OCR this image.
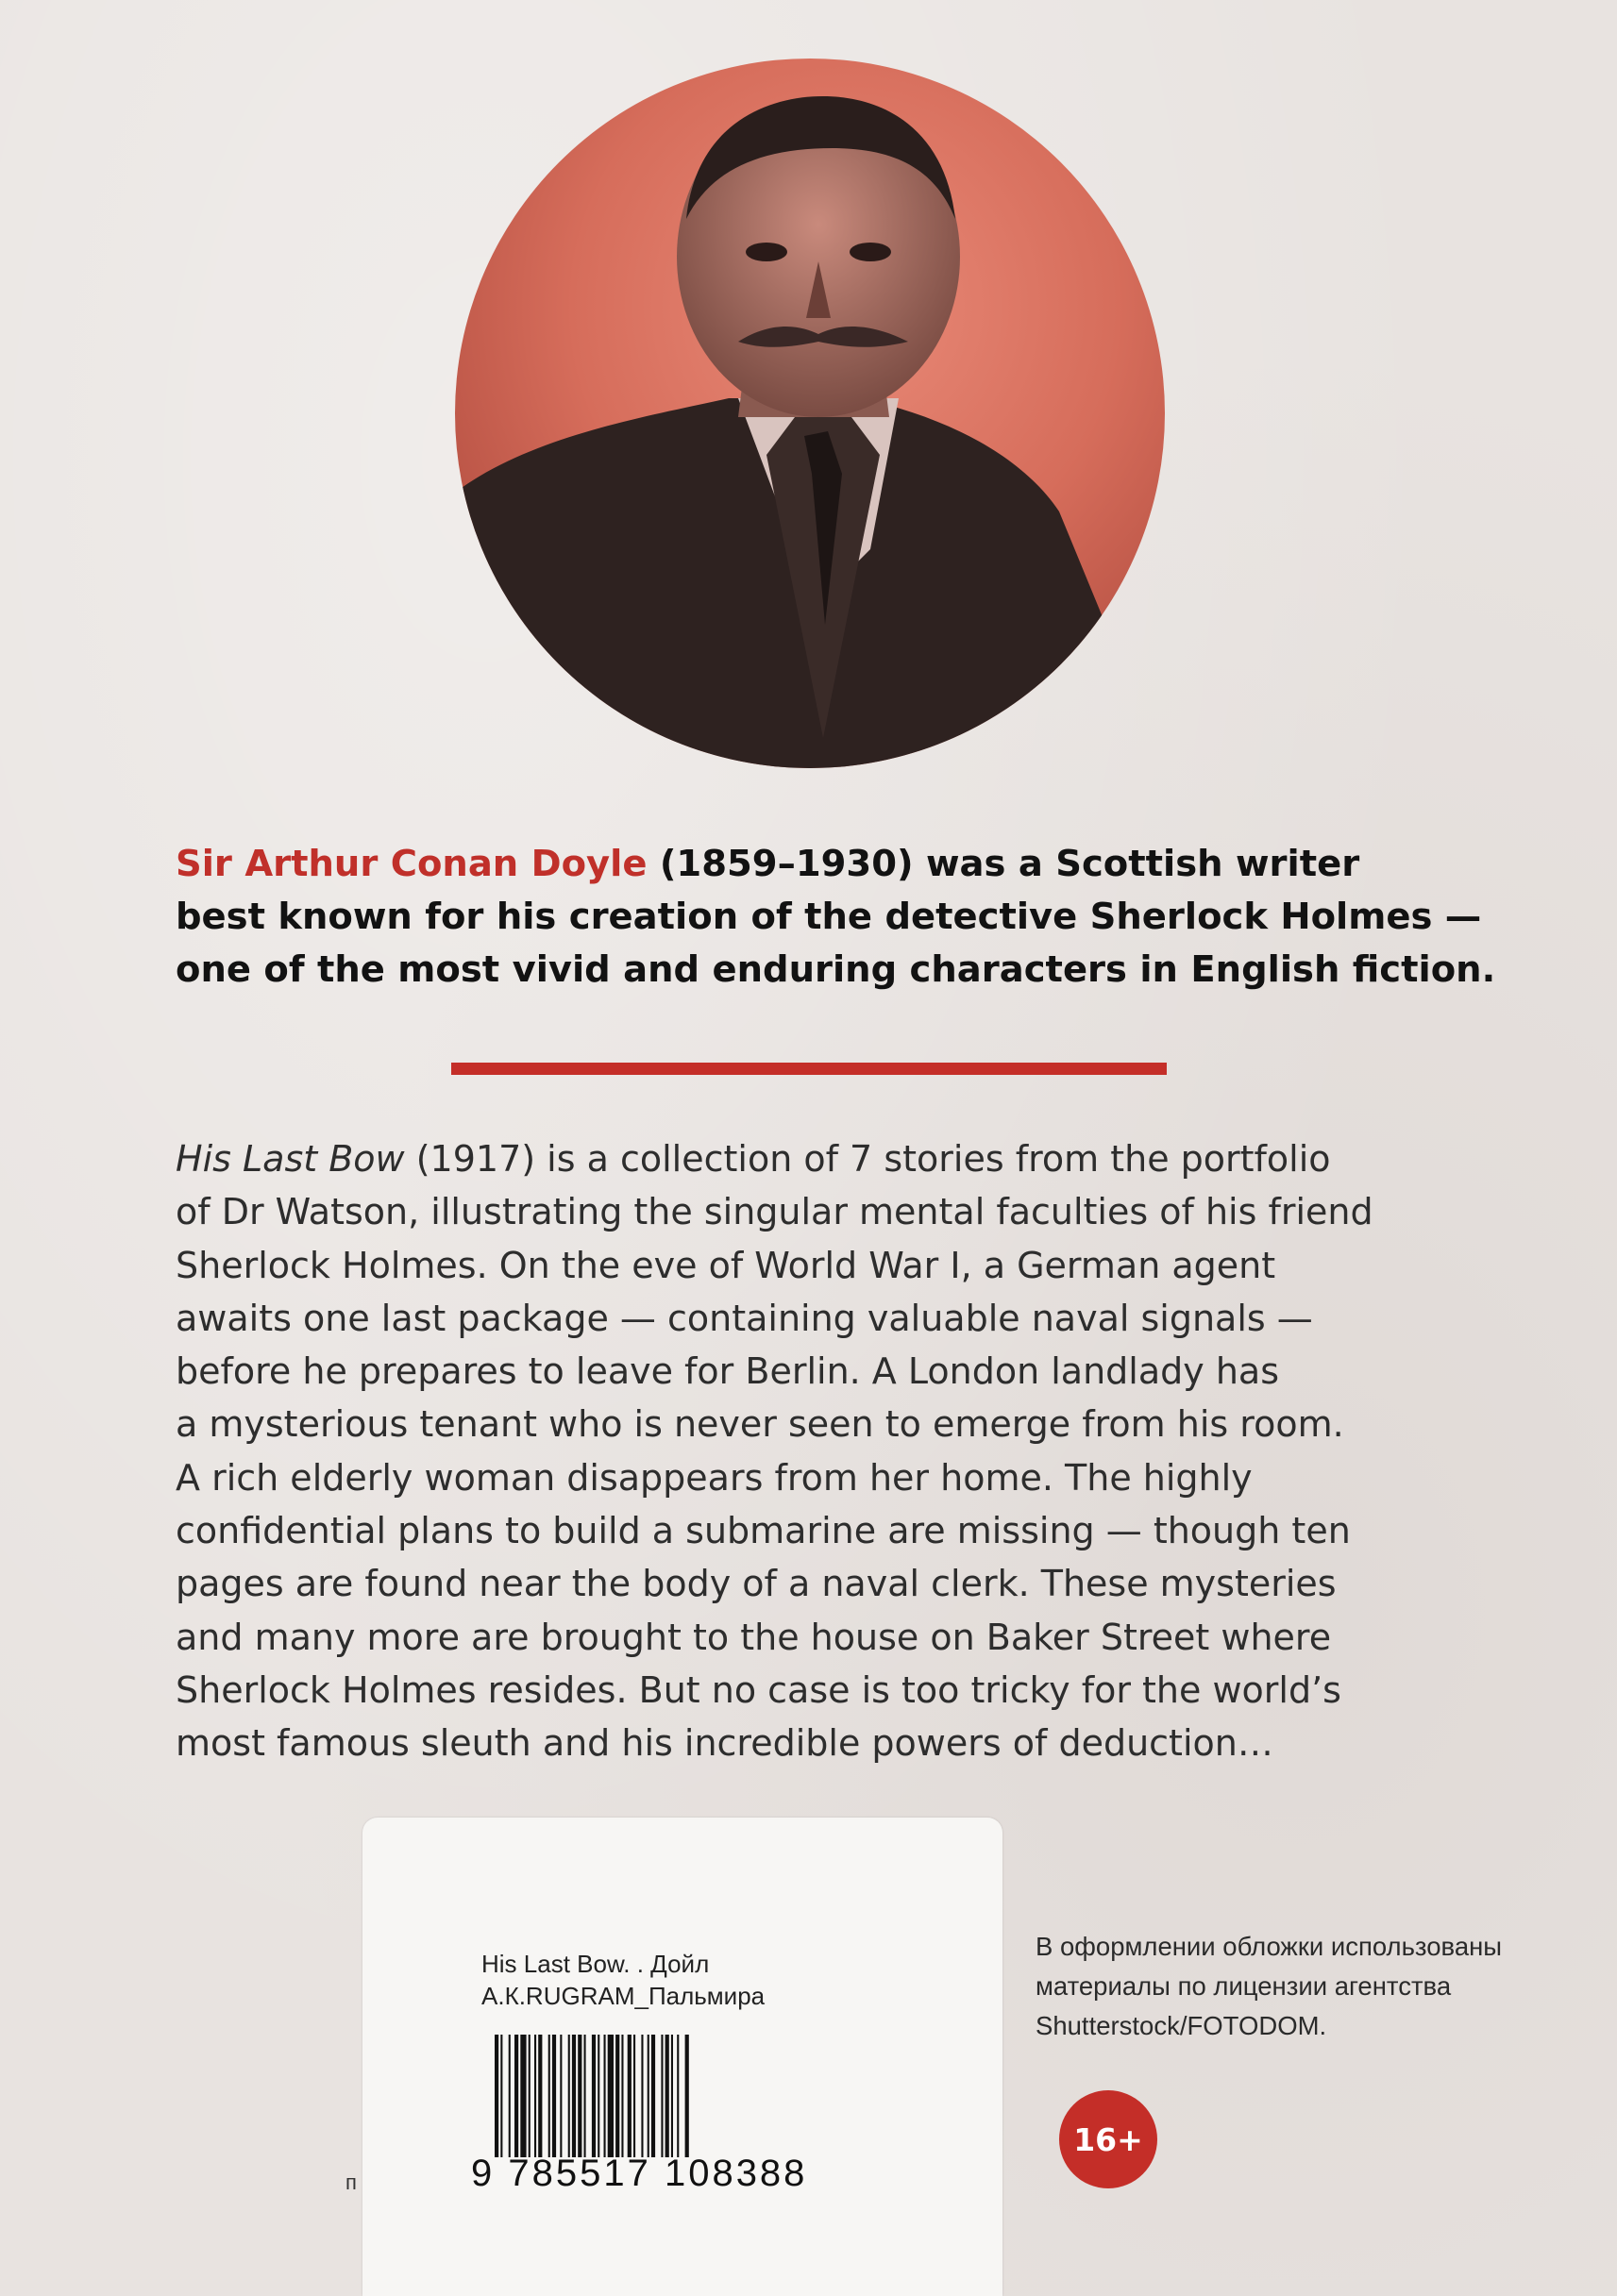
Sir Arthur Conan Doyle (1859–1930) was a Scottish writer
best known for his creation of the detective Sherlock Holmes —
one of the most vivid and enduring characters in English fiction.
His Last Bow (1917) is a collection of 7 stories from the portfolio
of Dr Watson, illustrating the singular mental faculties of his friend
Sherlock Holmes. On the eve of World War I, a German agent
awaits one last package — containing valuable naval signals —
before he prepares to leave for Berlin. A London landlady has
a mysterious tenant who is never seen to emerge from his room.
A rich elderly woman disappears from her home. The highly
confidential plans to build a submarine are missing — though ten
pages are found near the body of a naval clerk. These mysteries
and many more are brought to the house on Baker Street where
Sherlock Holmes resides. But no case is too tricky for the world’s
most famous sleuth and his incredible powers of deduction…
п
His Last Bow. . Дойл
А.К.RUGRAM_Пальмира
9 785517 108388
В оформлении обложки использованы
материалы по лицензии агентства
Shutterstock/FOTODOM.
16+
